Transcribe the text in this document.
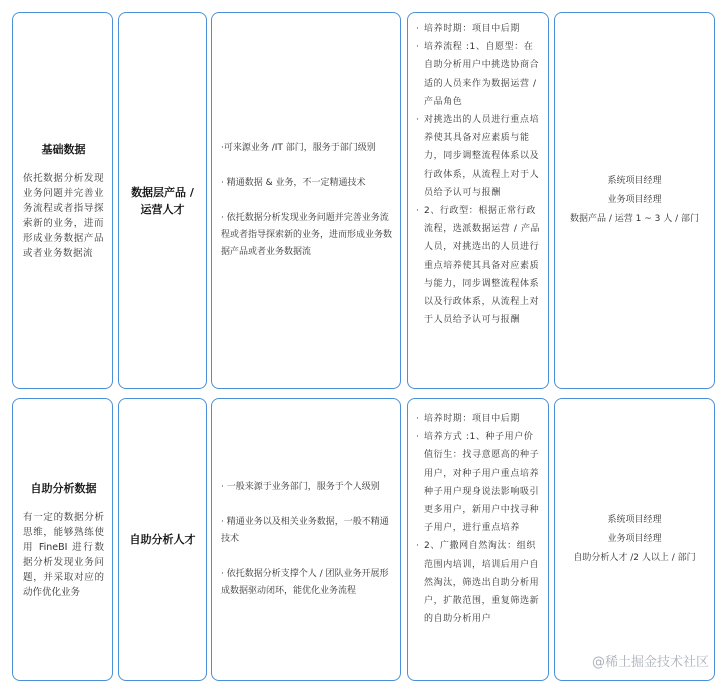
基础数据
依托数据分析发现业务问题并完善业务流程或者指导探索新的业务，进而形成业务数据产品或者业务数据流
数据层产品 / 运营人才
·可来源业务 /IT 部门，服务于部门级别
· 精通数据 & 业务，不一定精通技术
· 依托数据分析发现业务问题并完善业务流程或者指导探索新的业务，进而形成业务数据产品或者业务数据流
· 培养时期：项目中后期
· 培养流程 :1、自愿型：在自助分析用户中挑选协商合适的人员来作为数据运营 / 产品角色
· 对挑选出的人员进行重点培养使其具备对应素质与能力，同步调整流程体系以及行政体系，从流程上对于人员给予认可与报酬
· 2、行政型：根据正常行政流程，选派数据运营 / 产品人员，对挑选出的人员进行重点培养使其具备对应素质与能力，同步调整流程体系以及行政体系，从流程上对于人员给予认可与报酬
系统项目经理
业务项目经理
数据产品 / 运营 1 ~ 3 人 / 部门
自助分析数据
有一定的数据分析思维，能够熟练使用 FineBI 进行数据分析发现业务问题，并采取对应的动作优化业务
自助分析人才
· 一般来源于业务部门，服务于个人级别
· 精通业务以及相关业务数据，一般不精通技术
· 依托数据分析支撑个人 / 团队业务开展形成数据驱动闭环，能优化业务流程
· 培养时期：项目中后期
· 培养方式 :1、种子用户价值衍生：找寻意愿高的种子用户，对种子用户重点培养种子用户现身说法影响吸引更多用户，新用户中找寻种子用户，进行重点培养
· 2、广撒网自然淘汰：组织范围内培训，培训后用户自然淘汰，筛选出自助分析用户，扩散范围，重复筛选新的自助分析用户
系统项目经理
业务项目经理
自助分析人才 /2 人以上 / 部门
@稀土掘金技术社区
